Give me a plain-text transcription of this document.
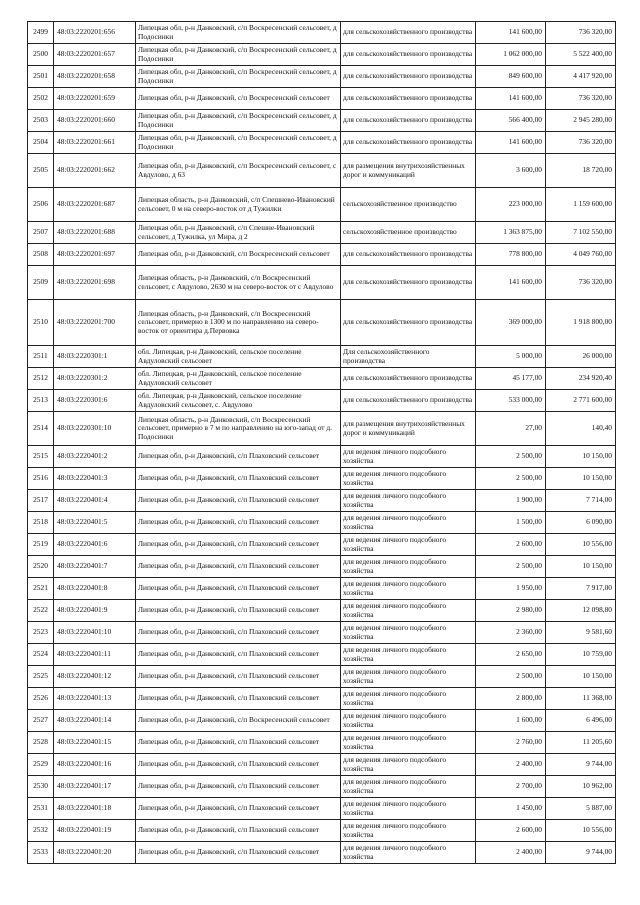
2499	48:03:2220201:656	Липецкая обл, р-н Данковский, с/п Воскресенский сельсовет, д Подосинки	для сельскохозяйственного производства	141 600,00	736 320,00
2500	48:03:2220201:657	Липецкая обл, р-н Данковский, с/п Воскресенский сельсовет, д Подосинки	для сельскохозяйственного производства	1 062 000,00	5 522 400,00
2501	48:03:2220201:658	Липецкая обл, р-н Данковский, с/п Воскресенский сельсовет, д Подосинки	для сельскохозяйственного производства	849 600,00	4 417 920,00
2502	48:03:2220201:659	Липецкая обл, р-н Данковский, с/п Воскресенский сельсовет	для сельскохозяйственного производства	141 600,00	736 320,00
2503	48:03:2220201:660	Липецкая обл, р-н Данковский, с/п Воскресенский сельсовет, д Подосинки	для сельскохозяйственного производства	566 400,00	2 945 280,00
2504	48:03:2220201:661	Липецкая обл, р-н Данковский, с/п Воскресенский сельсовет, д Подосинки	для сельскохозяйственного производства	141 600,00	736 320,00
2505	48:03:2220201:662	Липецкая обл, р-н Данковский, с/п Воскресенский сельсовет, с Авдулово, д 63	для размещения внутрихозяйственных дорог и коммуникаций	3 600,00	18 720,00
2506	48:03:2220201:687	Липецкая область, р-н Данковский, с/п Спешнево-Ивановский сельсовет, 0 м на северо-восток от д Тужилки	сельскохозяйственное производство	223 000,00	1 159 600,00
2507	48:03:2220201:688	Липецкая обл, р-н Данковский, с/п Спешне-Ивановский сельсовет, д Тужилка, ул Мира, д 2	сельскохозяйственное производство	1 363 875,00	7 102 550,00
2508	48:03:2220201:697	Липецкая обл, р-н Данковский, с/п Воскресенский сельсовет	для сельскохозяйственного производства	778 800,00	4 049 760,00
2509	48:03:2220201:698	Липецкая область, р-н Данковский, с/п Воскресенский сельсовет, с Авдулово, 2630 м на северо-восток от с Авдулово	для сельскохозяйственного производства	141 600,00	736 320,00
2510	48:03:2220201:700	Липецкая область, р-н Данковский, с/п Воскресенский сельсовет, примерно в 1300 м по направлению на северо-восток от ориентира д.Первовка	для сельскохозяйственного производства	369 000,00	1 918 800,00
2511	48:03:2220301:1	обл. Липецкая, р-н Данковский, сельское поселение Авдуловский сельсовет	Для сельскохозяйственного производства	5 000,00	26 000,00
2512	48:03:2220301:2	обл. Липецкая, р-н Данковский, сельское поселение Авдуловский сельсовет	для сельскохозяйственного производства	45 177,00	234 920,40
2513	48:03:2220301:6	обл. Липецкая, р-н Данковский, сельское поселение Авдуловский сельсовет, с. Авдулово	для сельскохозяйственного производства	533 000,00	2 771 600,00
2514	48:03:2220301:10	Липецкая область, р-н Данковский, с/п Воскресенский сельсовет, примерно в 7 м по направлению на юго-запад от д. Подосинки	для размещения внутрихозяйственных дорог и коммуникаций	27,00	140,40
2515	48:03:2220401:2	Липецкая обл, р-н Данковский, с/п Плаховский сельсовет	для ведения личного подсобного хозяйства	2 500,00	10 150,00
2516	48:03:2220401:3	Липецкая обл, р-н Данковский, с/п Плаховский сельсовет	для ведения личного подсобного хозяйства	2 500,00	10 150,00
2517	48:03:2220401:4	Липецкая обл, р-н Данковский, с/п Плаховский сельсовет	для ведения личного подсобного хозяйства	1 900,00	7 714,00
2518	48:03:2220401:5	Липецкая обл, р-н Данковский, с/п Плаховский сельсовет	для ведения личного подсобного хозяйства	1 500,00	6 090,00
2519	48:03:2220401:6	Липецкая обл, р-н Данковский, с/п Плаховский сельсовет	для ведения личного подсобного хозяйства	2 600,00	10 556,00
2520	48:03:2220401:7	Липецкая обл, р-н Данковский, с/п Плаховский сельсовет	для ведения личного подсобного хозяйства	2 500,00	10 150,00
2521	48:03:2220401:8	Липецкая обл, р-н Данковский, с/п Плаховский сельсовет	для ведения личного подсобного хозяйства	1 950,00	7 917,00
2522	48:03:2220401:9	Липецкая обл, р-н Данковский, с/п Плаховский сельсовет	для ведения личного подсобного хозяйства	2 980,00	12 098,80
2523	48:03:2220401:10	Липецкая обл, р-н Данковский, с/п Плаховский сельсовет	для ведения личного подсобного хозяйства	2 360,00	9 581,60
2524	48:03:2220401:11	Липецкая обл, р-н Данковский, с/п Плаховский сельсовет	для ведения личного подсобного хозяйства	2 650,00	10 759,00
2525	48:03:2220401:12	Липецкая обл, р-н Данковский, с/п Плаховский сельсовет	для ведения личного подсобного хозяйства	2 500,00	10 150,00
2526	48:03:2220401:13	Липецкая обл, р-н Данковский, с/п Плаховский сельсовет	для ведения личного подсобного хозяйства	2 800,00	11 368,00
2527	48:03:2220401:14	Липецкая обл, р-н Данковский, с/п Воскресенский сельсовет	для ведения личного подсобного хозяйства	1 600,00	6 496,00
2528	48:03:2220401:15	Липецкая обл, р-н Данковский, с/п Плаховский сельсовет	для ведения личного подсобного хозяйства	2 760,00	11 205,60
2529	48:03:2220401:16	Липецкая обл, р-н Данковский, с/п Плаховский сельсовет	для ведения личного подсобного хозяйства	2 400,00	9 744,00
2530	48:03:2220401:17	Липецкая обл, р-н Данковский, с/п Плаховский сельсовет	для ведения личного подсобного хозяйства	2 700,00	10 962,00
2531	48:03:2220401:18	Липецкая обл, р-н Данковский, с/п Плаховский сельсовет	для ведения личного подсобного хозяйства	1 450,00	5 887,00
2532	48:03:2220401:19	Липецкая обл, р-н Данковский, с/п Плаховский сельсовет	для ведения личного подсобного хозяйства	2 600,00	10 556,00
2533	48:03:2220401:20	Липецкая обл, р-н Данковский, с/п Плаховский сельсовет	для ведения личного подсобного хозяйства	2 400,00	9 744,00
